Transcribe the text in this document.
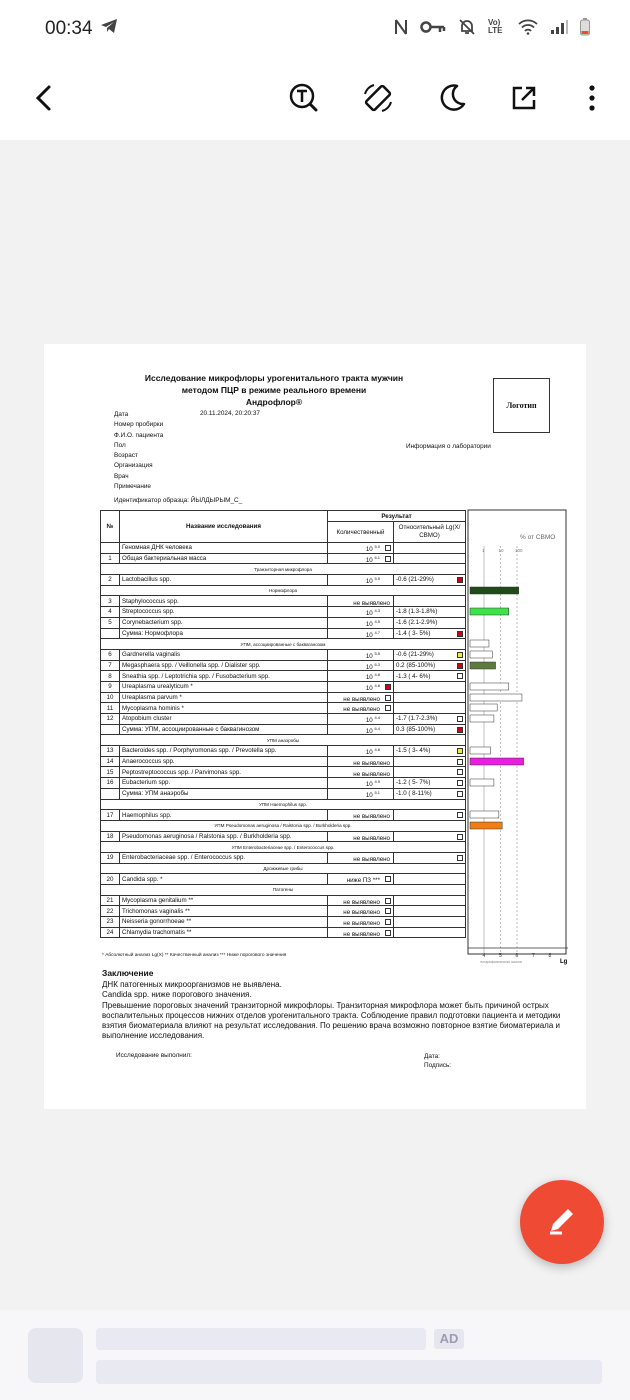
00:34	Vo) LTE
Исследование микрофлоры урогенитального тракта мужчин
методом ПЦР в режиме реального времени
Андрофлор®	Логотип
Дата
Номер пробирки
Ф.И.О. пациента
Пол
Возраст
Организация
Врач
Примечание
20.11.2024, 20:20:37
Информация о лаборатории
Идентификатор образца: ЙЫЛДЫРЫМ_С_
№	Название исследования	Результат	
		Количественный	Относительный Lg(X/СВМО)
	Геномная ДНК человека	10 $^{5.0}$

1	Общая бактериальная масса	10 $^{6.1}$

Транзиторная микрофлора			
2	Lactobacillus spp.	10 $^{5.5}$	-0.6 (21-29%)

Нормофлора			
3	Staphylococcus spp.	не выявлено	

4	Streptococcus spp.	10 $^{4.3}$	-1.8 (1.3-1.8%)
5	Corynebacterium spp.	10 $^{4.5}$	-1.6 (2.1-2.9%)
	Сумма: Нормофлора	10 $^{4.7}$	-1.4 ( 3- 5%)

УПМ, ассоциированные с бакваганозом			
6	Gardnerella vaginalis	10 $^{5.5}$	-0.6 (21-29%)

7	Megasphaera spp. / Veillonella spp. / Dialister spp.	10 $^{6.3}$	0.2 (85-100%)

8	Sneathia spp. / Leptotrichia spp. / Fusobacterium spp.	10 $^{4.8}$	-1.3 ( 4- 6%)

9	Ureaplasma urealyticum *	10 $^{4.6}$

10	Ureaplasma parvum *	не выявлено	

11	Mycoplasma hominis *	не выявлено	

12	Atopobium cluster	10 $^{4.4}$	-1.7 (1.7-2.3%)

	Сумма: УПМ, ассоциированные с баквагинозом	10 $^{6.4}$	0.3 (85-100%)

УПМ анаэробы			
13	Bacteroides spp. / Porphyromonas spp. / Prevotella spp.	10 $^{4.6}$	-1.5 ( 3- 4%)

14	Anaerococcus spp.	не выявлено	

15	Peptostreptococcus spp. / Parvimonas spp.	не выявлено	

16	Eubacterium spp.	10 $^{4.9}$	-1.2 ( 5- 7%)

	Сумма: УПМ анаэробы	10 $^{5.1}$	-1.0 ( 8-11%)

УПМ Haemophilus spp.			
17	Haemophilus spp.	не выявлено	

УПМ Pseudomonas aeruginosa / Ralstonia spp. / Burkholderia spp.			
18	Pseudomonas aeruginosa / Ralstonia spp. / Burkholderia spp.	не выявлено	

УПМ Enterobacteriaceae spp. / Enterococcus spp.			
19	Enterobacteriaceae spp. / Enterococcus spp.	не выявлено	

Дрожжевые грибы			
20	Candida spp. *	ниже ПЗ ***	

Патогены			
21	Mycoplasma genitalium **	не выявлено	

22	Trichomonas vaginalis **	не выявлено	

23	Neisseria gonorrhoeae **	не выявлено	

24	Chlamydia trachomatis **	не выявлено	

% от СВМО
1	10	100
4	5	6	7	8
Lg
логарифмическая шкала
* Абсолютный анализ Lg(X) ** Качественный анализ *** Ниже порогового значения
Заключение
ДНК патогенных микроорганизмов не выявлена.
Candida spp. ниже порогового значения.
Превышение пороговых значений транзиторной микрофлоры. Транзиторная микрофлора может быть причиной острых воспалительных процессов нижних отделов урогенитального тракта. Соблюдение правил подготовки пациента и методики взятия биоматериала влияют на результат исследования. По решению врача возможно повторное взятие биоматериала и выполнение исследования.
Исследование выполнил:	Дата:
Подпись:
AD
